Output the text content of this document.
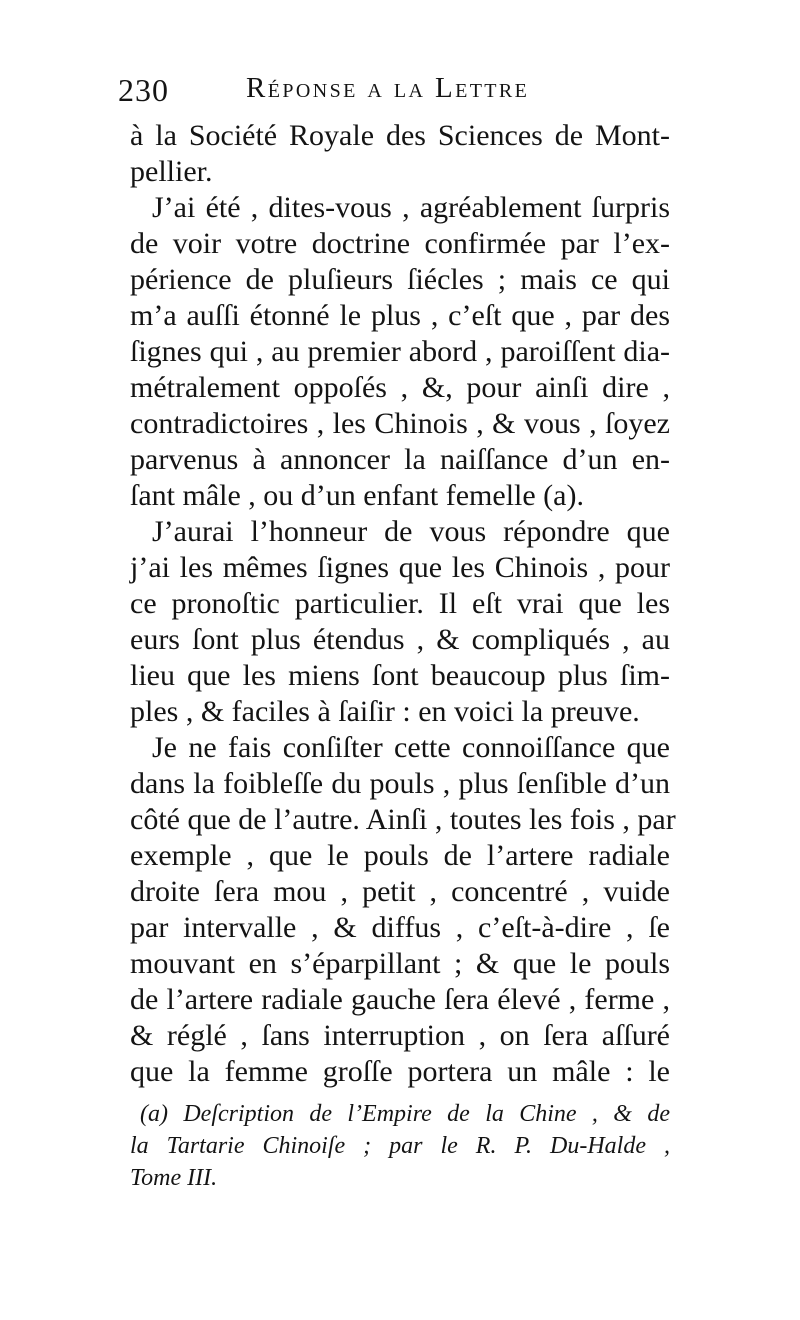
230	Réponse a la Lettre
à la Société Royale des Sciences de Mont-
pellier.
J’ai été , dites-vous , agréablement ſurpris
de voir votre doctrine confirmée par l’ex-
périence de pluſieurs ſiécles ; mais ce qui
m’a auſſi étonné le plus , c’eſt que , par des
ſignes qui , au premier abord , paroiſſent dia-
métralement oppoſés , &, pour ainſi dire ,
contradictoires , les Chinois , & vous , ſoyez
parvenus à annoncer la naiſſance d’un en-
ſant mâle , ou d’un enfant femelle (a).
J’aurai l’honneur de vous répondre que
j’ai les mêmes ſignes que les Chinois , pour
ce pronoſtic particulier. Il eſt vrai que les
eurs ſont plus étendus , & compliqués , au
lieu que les miens ſont beaucoup plus ſim-
ples , & faciles à ſaiſir : en voici la preuve.
Je ne fais conſiſter cette connoiſſance que
dans la foibleſſe du pouls , plus ſenſible d’un
côté que de l’autre. Ainſi , toutes les fois , par
exemple , que le pouls de l’artere radiale
droite ſera mou , petit , concentré , vuide
par intervalle , & diffus , c’eſt-à-dire , ſe
mouvant en s’éparpillant ; & que le pouls
de l’artere radiale gauche ſera élevé , ferme ,
& réglé , ſans interruption , on ſera aſſuré
que la femme groſſe portera un mâle : le
(a) Deſcription de l’Empire de la Chine , & de
la Tartarie Chinoiſe ; par le R. P. Du-Halde ,
Tome III.
